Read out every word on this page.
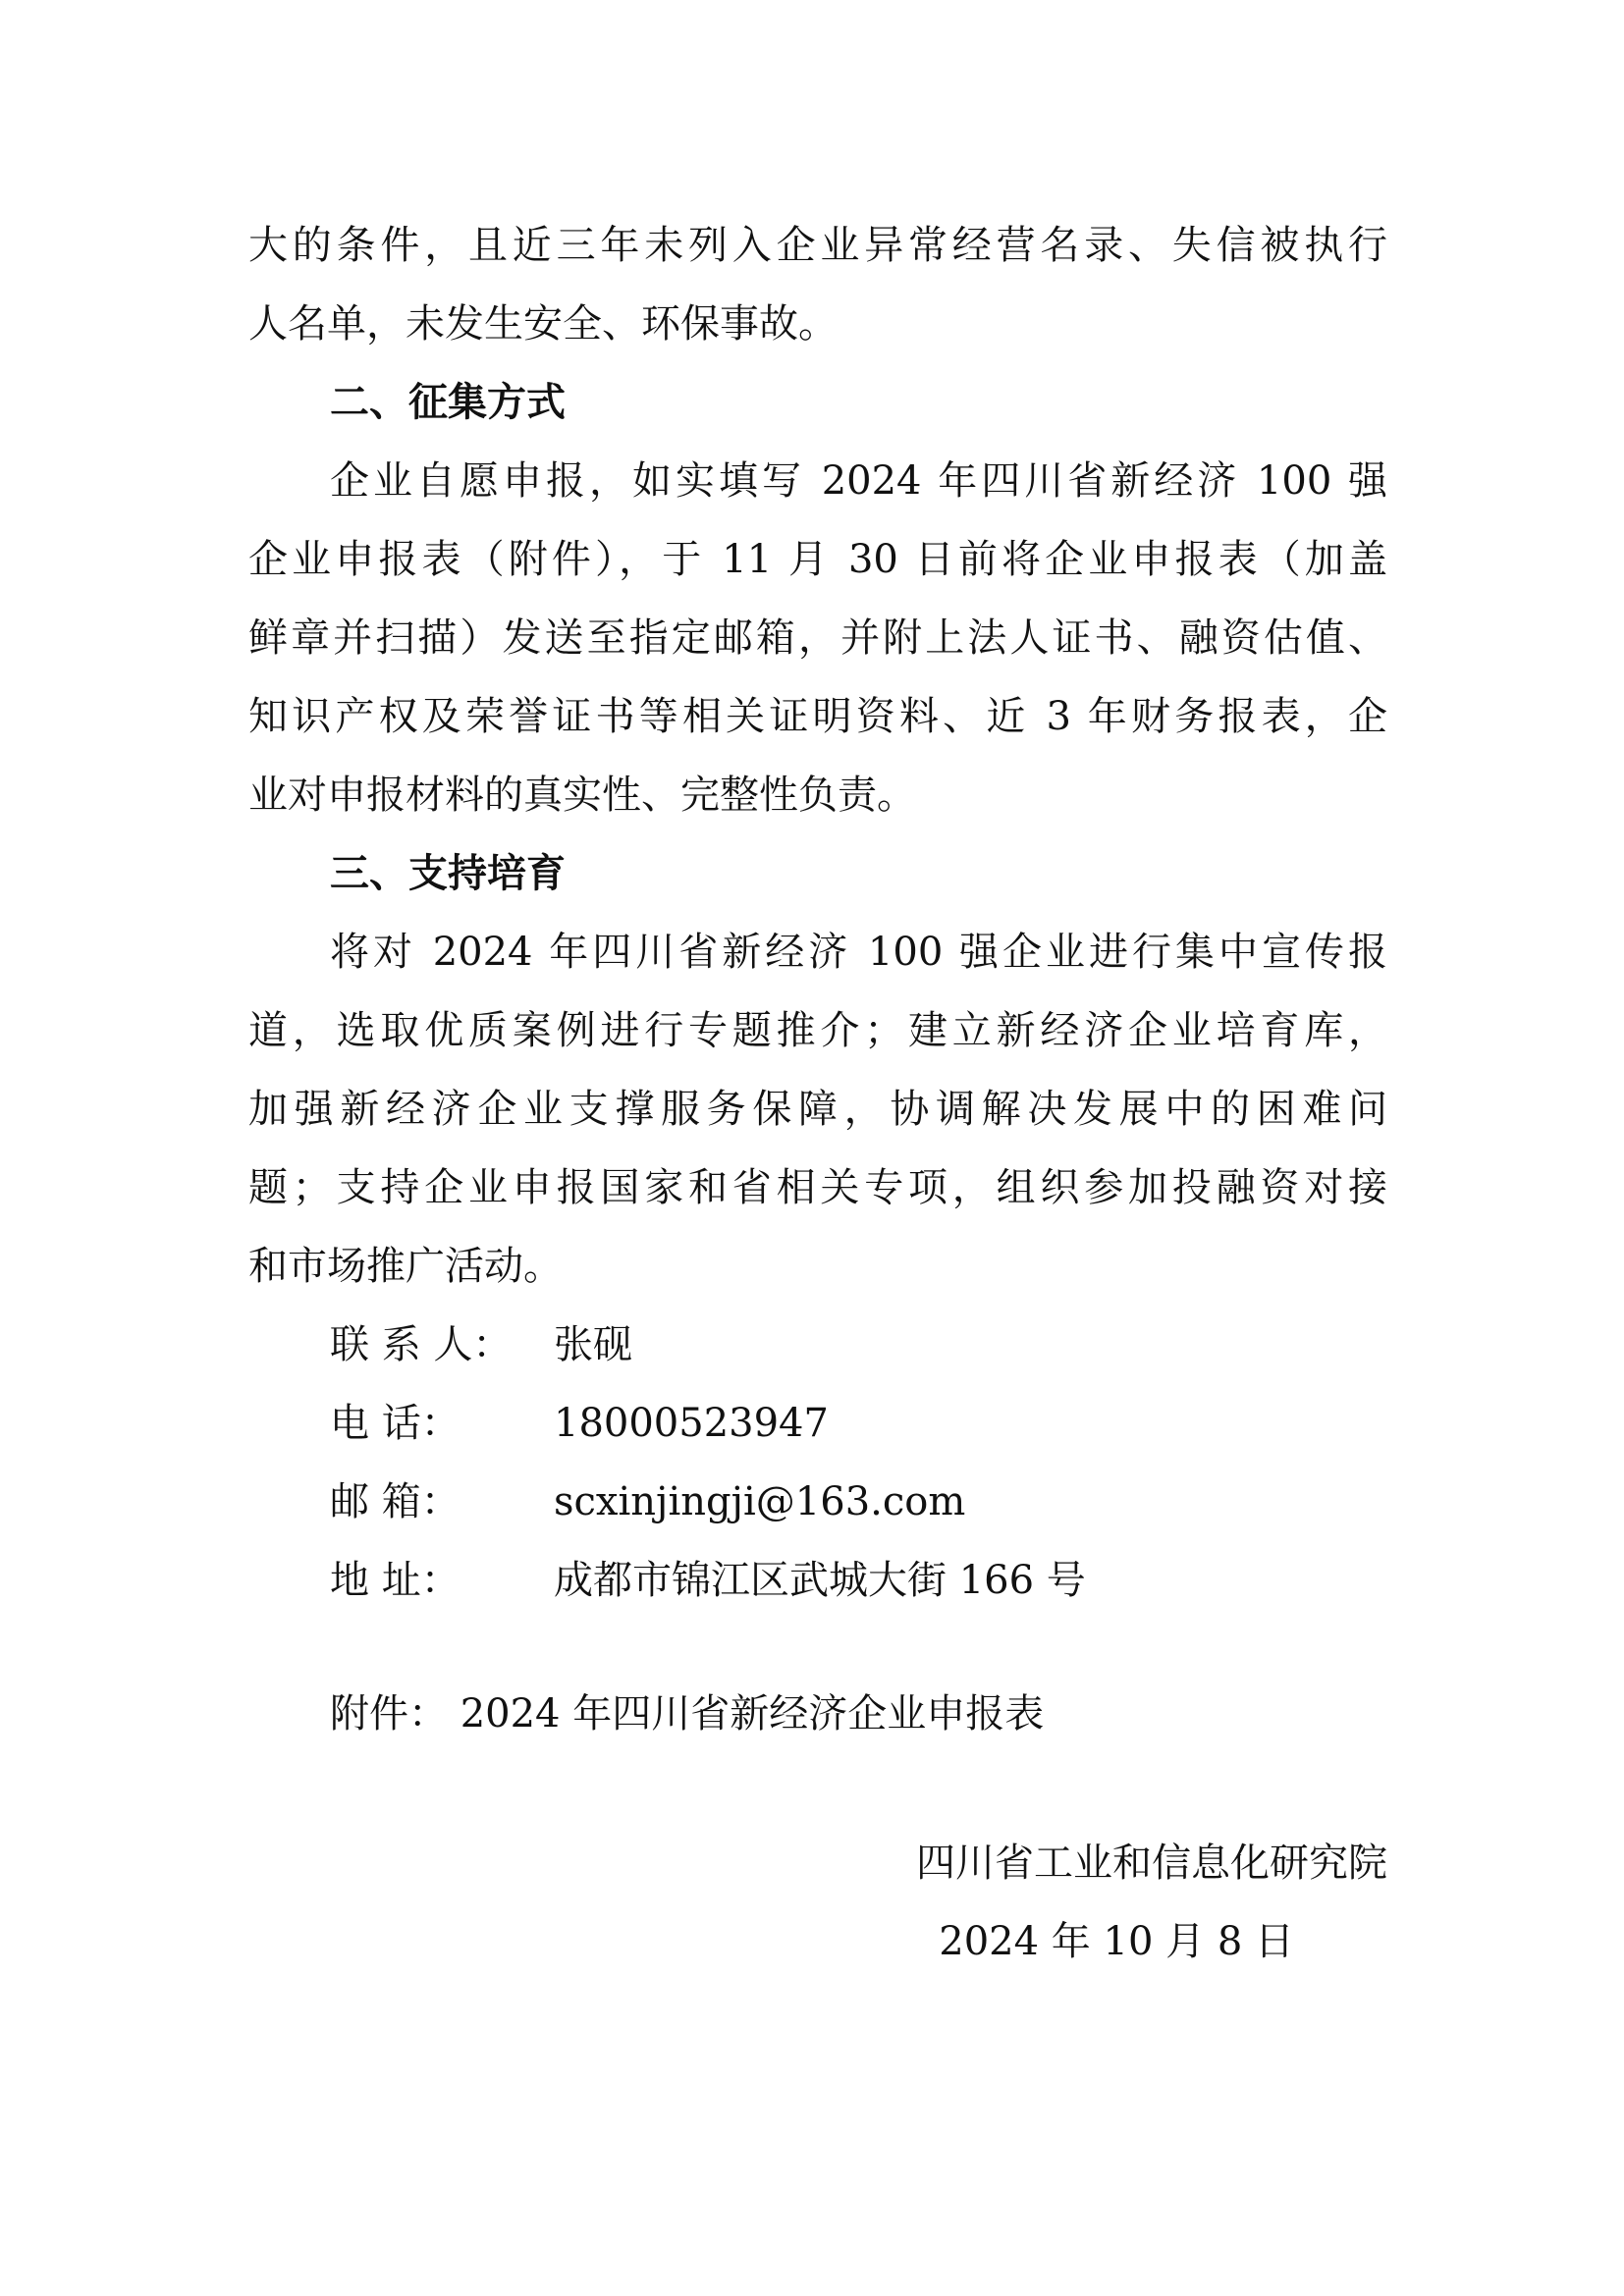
大的条件，且近三年未列入企业异常经营名录、失信被执行
人名单，未发生安全、环保事故。
二、征集方式
企业自愿申报，如实填写 2024 年四川省新经济 100 强
企业申报表（附件），于 11 月 30 日前将企业申报表（加盖
鲜章并扫描）发送至指定邮箱，并附上法人证书、融资估值、
知识产权及荣誉证书等相关证明资料、近 3 年财务报表，企
业对申报材料的真实性、完整性负责。
三、支持培育
将对 2024 年四川省新经济 100 强企业进行集中宣传报
道，选取优质案例进行专题推介；建立新经济企业培育库，
加强新经济企业支撑服务保障，协调解决发展中的困难问
题；支持企业申报国家和省相关专项，组织参加投融资对接
和市场推广活动。
联 系 人：	张砚
电 话：	18000523947
邮 箱：	scxinjingji@163.com
地 址：	成都市锦江区武城大街 166 号
附件： 2024 年四川省新经济企业申报表
四川省工业和信息化研究院
2024 年 10 月 8 日
